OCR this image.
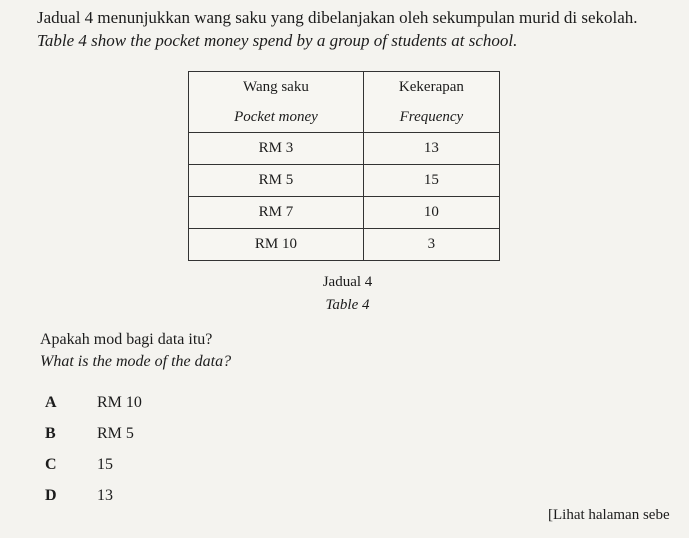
Jadual 4 menunjukkan wang saku yang dibelanjakan oleh sekumpulan murid di sekolah.
Table 4 show the pocket money spend by a group of students at school.
Wang saku	Kekerapan
Pocket money	Frequency
RM 3	13
RM 5	15
RM 7	10
RM 10	3
Jadual 4
Table 4
Apakah mod bagi data itu?
What is the mode of the data?
A	RM 10
B	RM 5
C	15
D	13
[Lihat halaman sebe
